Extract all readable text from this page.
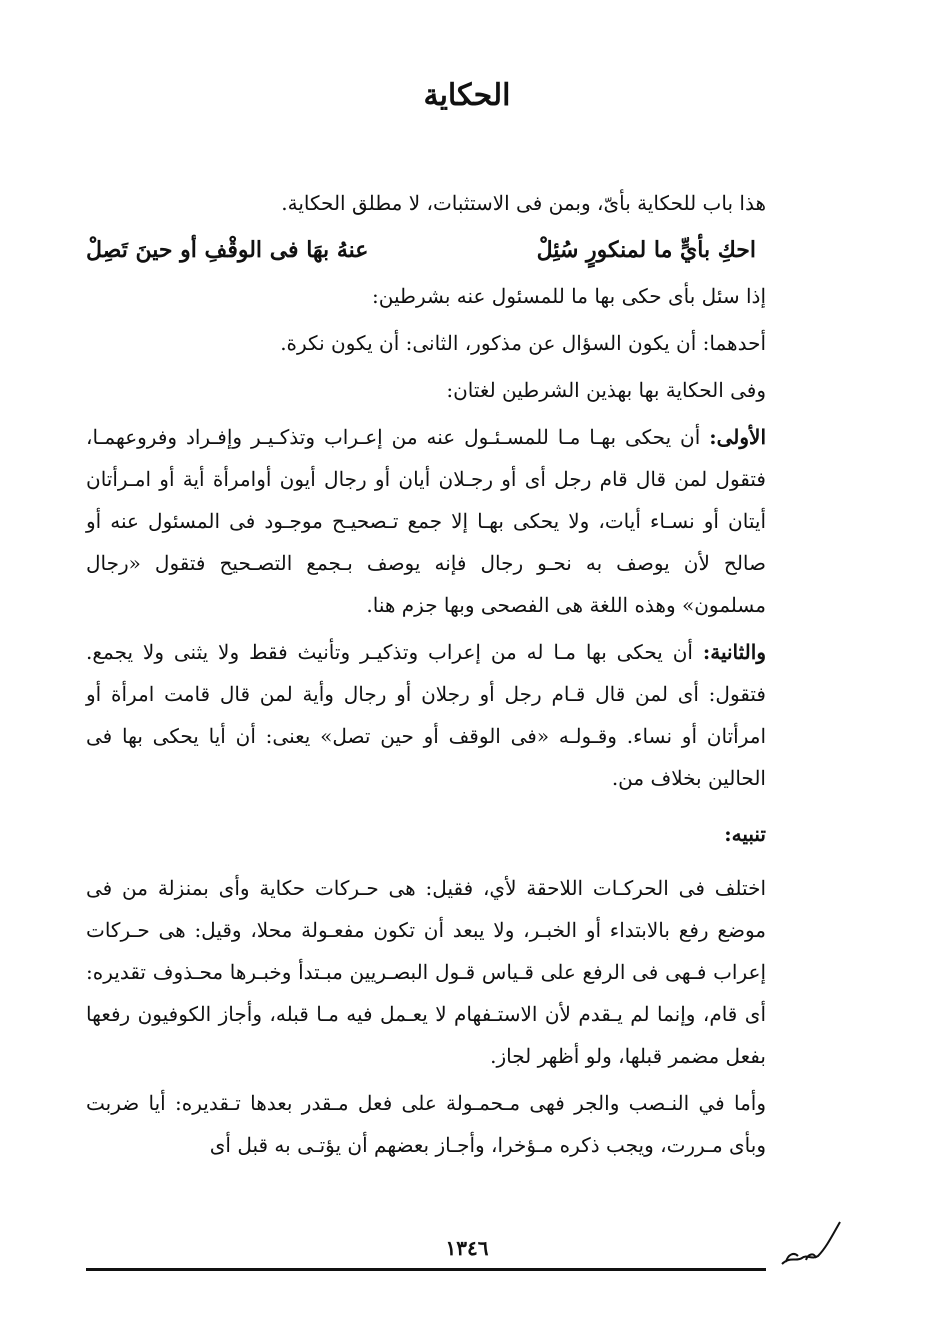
الحكاية

هذا باب للحكاية بأىّ، وبمن فى الاستثبات، لا مطلق الحكاية.

احكِ بأيٍّ ما لمنكورٍ سُئِلْ
عنهُ بهَا فى الوقْفِ أو حينَ تَصِلْ

إذا سئل بأى حكى بها ما للمسئول عنه بشرطين:

أحدهما: أن يكون السؤال عن مذكور، الثانى: أن يكون نكرة.

وفى الحكاية بها بهذين الشرطين لغتان:

الأولى: أن يحكى بهـا مـا للمسـئـول عنه من إعـراب وتذكـيـر وإفـراد وفروعهمـا، فتقول لمن قال قام رجل أى أو رجـلان أيان أو رجال أيون أوامرأة أية أو امـرأتان أيتان أو نسـاء أيات، ولا يحكى بهـا إلا جمع تـصحيـح موجـود فى المسئول عنه أو صالح لأن يوصف به نحـو رجال فإنه يوصف بـجمع التصـحيح فتقول «رجال مسلمون» وهذه اللغة هى الفصحى وبها جزم هنا.

والثانية: أن يحكى بها مـا له من إعراب وتذكيـر وتأنيث فقط ولا يثنى ولا يجمع. فتقول: أى لمن قال قـام رجل أو رجلان أو رجال وأية لمن قال قامت امرأة أو امرأتان أو نساء. وقـولـه «فى الوقف أو حين تصل» يعنى: أن أيا يحكى بها فى الحالين بخلاف من.

تنبيه:

اختلف فى الحركـات اللاحقة لأي، فقيل: هى حـركات حكاية وأى بمنزلة من فى موضع رفع بالابتداء أو الخبـر، ولا يبعد أن تكون مفعـولة محلا، وقيل: هى حـركات إعراب فـهى فى الرفع على قـياس قـول البصـريين مبـتدأ وخبـرها محـذوف تقديره: أى قام، وإنما لم يـقدم لأن الاستـفهام لا يعـمل فيه مـا قبله، وأجاز الكوفيون رفعها بفعل مضمر قبلها، ولو أظهر لجاز.

وأما في النـصب والجر فهى مـحمـولة على فعل مـقدر بعدها تـقديره: أيا ضربت وبأى مـررت، ويجب ذكره مـؤخرا، وأجـاز بعضهم أن يؤتـى به قبل أى

١٣٤٦
